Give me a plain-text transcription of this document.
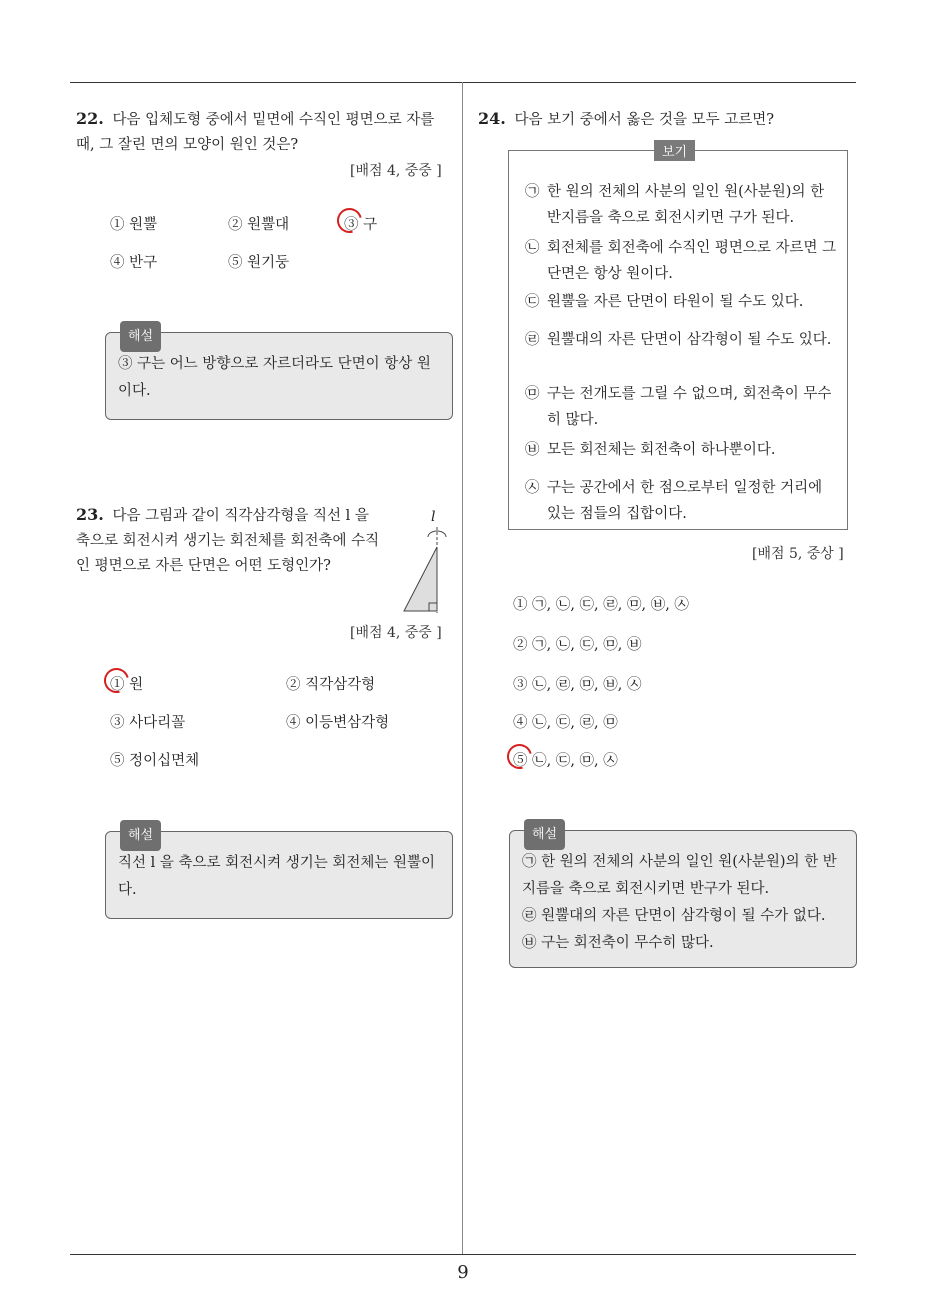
9
22. 다음 입체도형 중에서 밑면에 수직인 평면으로 자를 때, 그 잘린 면의 모양이 원인 것은?
[배점 4, 중중 ]
① 원뿔	② 원뿔대	③ 구
④ 반구	⑤ 원기둥
해설
③ 구는 어느 방향으로 자르더라도 단면이 항상 원이다.
23. 다음 그림과 같이 직각삼각형을 직선 l 을 축으로 회전시켜 생기는 회전체를 회전축에 수직인 평면으로 자른 단면은 어떤 도형인가?
l
[배점 4, 중중 ]
① 원	② 직각삼각형
③ 사다리꼴	④ 이등변삼각형
⑤ 정이십면체
해설
직선 l 을 축으로 회전시켜 생기는 회전체는 원뿔이다.
24. 다음 보기 중에서 옳은 것을 모두 고르면?
보기
㉠ 한 원의 전체의 사분의 일인 원(사분원)의 한 반지름을 축으로 회전시키면 구가 된다.
㉡ 회전체를 회전축에 수직인 평면으로 자르면 그 단면은 항상 원이다.
㉢ 원뿔을 자른 단면이 타원이 될 수도 있다.
㉣ 원뿔대의 자른 단면이 삼각형이 될 수도 있다.
㉤ 구는 전개도를 그릴 수 없으며, 회전축이 무수히 많다.
㉥ 모든 회전체는 회전축이 하나뿐이다.
㉦ 구는 공간에서 한 점으로부터 일정한 거리에 있는 점들의 집합이다.
[배점 5, 중상 ]
① ㉠, ㉡, ㉢, ㉣, ㉤, ㉥, ㉦
② ㉠, ㉡, ㉢, ㉤, ㉥
③ ㉡, ㉣, ㉤, ㉥, ㉦
④ ㉡, ㉢, ㉣, ㉤
⑤ ㉡, ㉢, ㉤, ㉦
해설
㉠ 한 원의 전체의 사분의 일인 원(사분원)의 한 반지름을 축으로 회전시키면 반구가 된다.
㉣ 원뿔대의 자른 단면이 삼각형이 될 수가 없다.
㉥ 구는 회전축이 무수히 많다.
